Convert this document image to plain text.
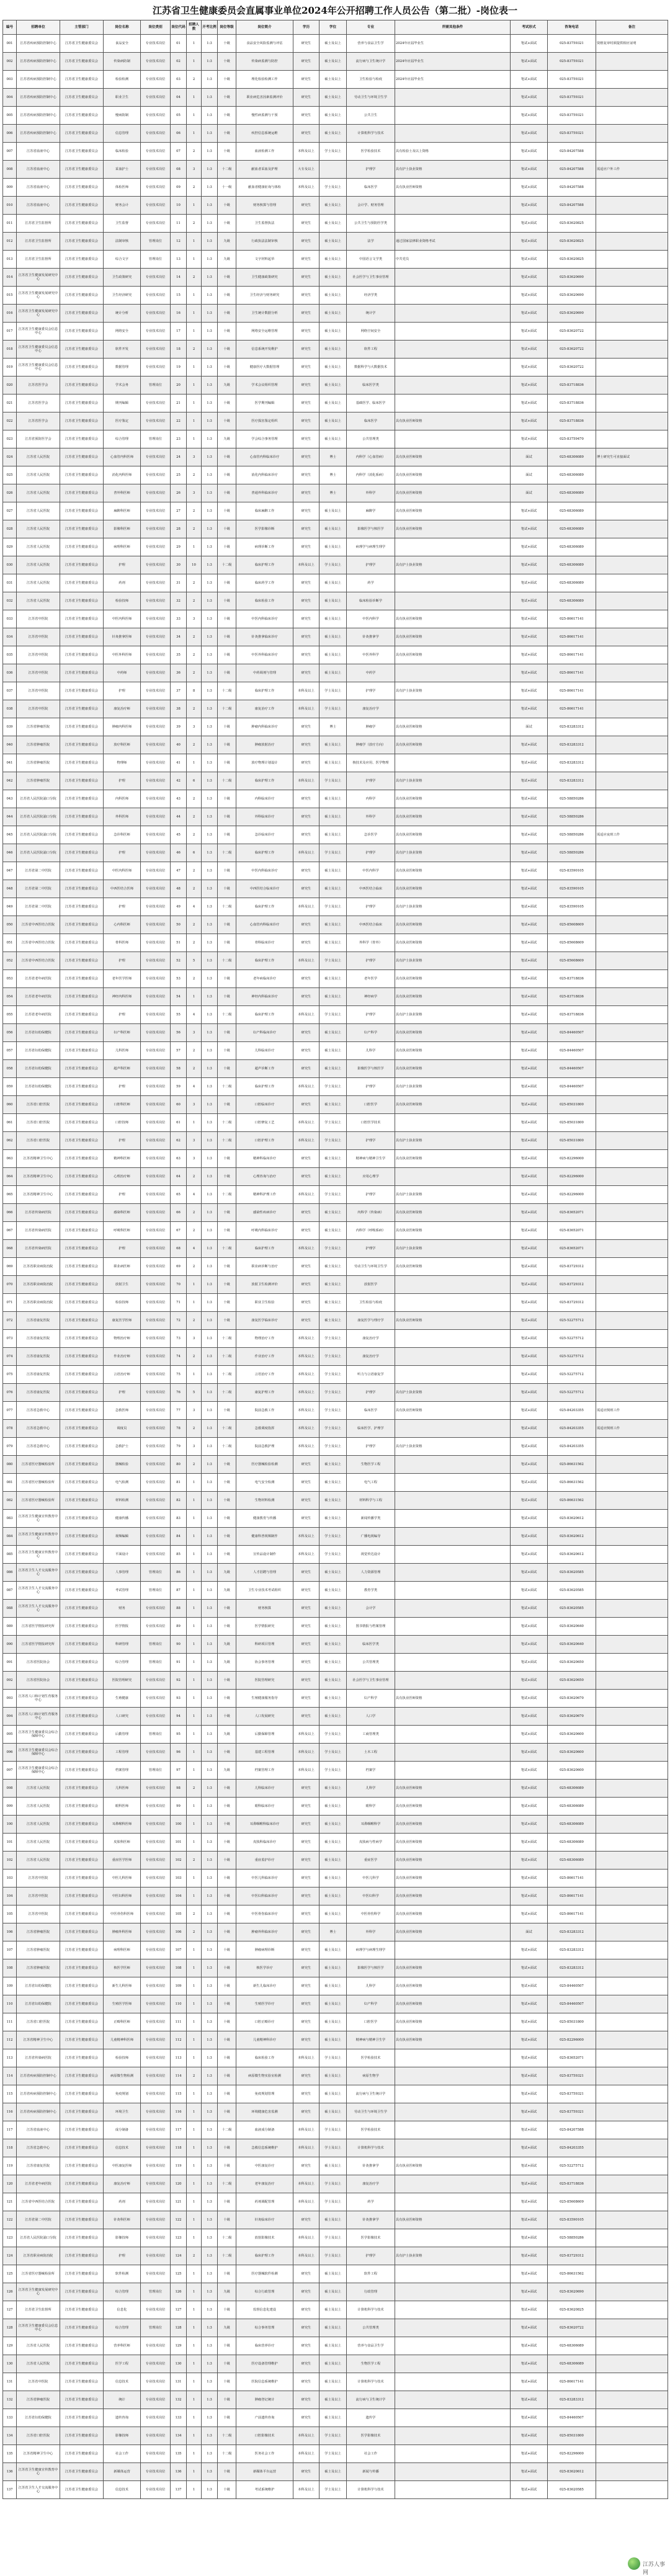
江苏省卫生健康委员会直属事业单位2024年公开招聘工作人员公告（第二批）-岗位表一
编号	招聘单位	主管部门	岗位名称	岗位类别	岗位代码	招聘人数	开考比例	岗位等级	岗位简介	学历	学位	专业	所需其他条件	考试形式	咨询电话	备注
001	江苏省疾病预防控制中心	江苏省卫生健康委员会	食品安全	专业技术岗位	01	1	1:3	十级	食品安全风险监测与评估	研究生	硕士及以上	营养与食品卫生学	2024年应届毕业生	笔试+面试	025-83759321	资格复审时须提供相应证明
002	江苏省疾病预防控制中心	江苏省卫生健康委员会	传染病防制	专业技术岗位	02	1	1:3	十级	传染病监测与防控	研究生	硕士及以上	流行病与卫生统计学	2024年应届毕业生	笔试+面试	025-83759321	
003	江苏省疾病预防控制中心	江苏省卫生健康委员会	检验检测	专业技术岗位	03	2	1:3	十级	理化检验检测工作	研究生	硕士及以上	卫生检验与检疫	2024年应届毕业生	笔试+面试	025-83759321	
004	江苏省疾病预防控制中心	江苏省卫生健康委员会	职业卫生	专业技术岗位	04	1	1:3	十级	职业病危害因素监测评价	研究生	硕士及以上	劳动卫生与环境卫生学		笔试+面试	025-83759321	
005	江苏省疾病预防控制中心	江苏省卫生健康委员会	慢病防制	专业技术岗位	05	1	1:3	十级	慢性病监测与干预	研究生	硕士及以上	公共卫生		笔试+面试	025-83759321	
006	江苏省疾病预防控制中心	江苏省卫生健康委员会	信息管理	专业技术岗位	06	1	1:3	十级	疾控信息系统运维	研究生	硕士及以上	计算机科学与技术		笔试+面试	025-83759321	
007	江苏省血液中心	江苏省卫生健康委员会	临床检验	专业技术岗位	07	2	1:3	十级	血液检测工作	本科及以上	学士及以上	医学检验技术	具有检验士及以上资格	笔试+面试	025-84207588	
008	江苏省血液中心	江苏省卫生健康委员会	采血护士	专业技术岗位	08	3	1:3	十二级	献血者采血及护理	大专及以上		护理学	具有护士执业资格	笔试+面试	025-84207588	需适应户外工作
009	江苏省血液中心	江苏省卫生健康委员会	体检医师	专业技术岗位	09	2	1:3	十一级	献血者健康征询与体检	本科及以上	学士及以上	临床医学	具有执业医师资格	笔试+面试	025-84207588	
010	江苏省血液中心	江苏省卫生健康委员会	财务会计	专业技术岗位	10	1	1:3	十级	财务核算与管理	研究生	硕士及以上	会计学、财务管理		笔试+面试	025-84207588	
011	江苏省卫生监督所	江苏省卫生健康委员会	卫生监督	专业技术岗位	11	2	1:3	十级	卫生监督执法	研究生	硕士及以上	公共卫生与预防医学类		笔试+面试	025-83620825	
012	江苏省卫生监督所	江苏省卫生健康委员会	法制审核	管理岗位	12	1	1:3	九级	行政执法法制审核	研究生	硕士及以上	法学	通过国家法律职业资格考试	笔试+面试	025-83620825	
013	江苏省卫生监督所	江苏省卫生健康委员会	综合文字	管理岗位	13	1	1:3	九级	文字材料起草	研究生	硕士及以上	中国语言文学类	中共党员	笔试+面试	025-83620825	
014	江苏省卫生健康发展研究中心	江苏省卫生健康委员会	卫生政策研究	专业技术岗位	14	2	1:3	十级	卫生健康政策研究	研究生	硕士及以上	社会医学与卫生事业管理		笔试+面试	025-83620690	
015	江苏省卫生健康发展研究中心	江苏省卫生健康委员会	卫生经济研究	专业技术岗位	15	1	1:3	十级	卫生经济与财务研究	研究生	硕士及以上	经济学类		笔试+面试	025-83620690	
016	江苏省卫生健康发展研究中心	江苏省卫生健康委员会	统计分析	专业技术岗位	16	1	1:3	十级	卫生统计数据分析	研究生	硕士及以上	统计学		笔试+面试	025-83620690	
017	江苏省卫生健康委员会信息中心	江苏省卫生健康委员会	网络安全	专业技术岗位	17	1	1:3	十级	网络安全运维管理	研究生	硕士及以上	网络空间安全		笔试+面试	025-83620722	
018	江苏省卫生健康委员会信息中心	江苏省卫生健康委员会	软件开发	专业技术岗位	18	2	1:3	十级	信息系统开发维护	研究生	硕士及以上	软件工程		笔试+面试	025-83620722	
019	江苏省卫生健康委员会信息中心	江苏省卫生健康委员会	数据管理	专业技术岗位	19	1	1:3	十级	健康医疗大数据管理	研究生	硕士及以上	数据科学与大数据技术		笔试+面试	025-83620722	
020	江苏省医学会	江苏省卫生健康委员会	学术会务	管理岗位	20	1	1:3	九级	学术会议组织管理	研究生	硕士及以上	临床医学类		笔试+面试	025-83718836	
021	江苏省医学会	江苏省卫生健康委员会	期刊编辑	专业技术岗位	21	1	1:3	十级	医学期刊编辑	研究生	硕士及以上	基础医学、临床医学		笔试+面试	025-83718836	
022	江苏省医学会	江苏省卫生健康委员会	医疗鉴定	专业技术岗位	22	1	1:3	十级	医疗损害鉴定组织	研究生	硕士及以上	临床医学	具有执业医师资格	笔试+面试	025-83718836	
023	江苏省预防医学会	江苏省卫生健康委员会	综合管理	管理岗位	23	1	1:3	九级	学会综合事务管理	研究生	硕士及以上	公共管理类		笔试+面试	025-83759470	
024	江苏省人民医院	江苏省卫生健康委员会	心血管内科医师	专业技术岗位	24	3	1:3	十级	心血管内科临床诊疗	研究生	博士	内科学（心血管病）	具有执业医师资格	面试	025-68306089	博士研究生可直接面试
025	江苏省人民医院	江苏省卫生健康委员会	消化内科医师	专业技术岗位	25	2	1:3	十级	消化内科临床诊疗	研究生	博士	内科学（消化系病）	具有执业医师资格	面试	025-68306089	
026	江苏省人民医院	江苏省卫生健康委员会	普外科医师	专业技术岗位	26	3	1:3	十级	普通外科临床诊疗	研究生	博士	外科学	具有执业医师资格	面试	025-68306089	
027	江苏省人民医院	江苏省卫生健康委员会	麻醉科医师	专业技术岗位	27	2	1:3	十级	临床麻醉工作	研究生	硕士及以上	麻醉学	具有执业医师资格	笔试+面试	025-68306089	
028	江苏省人民医院	江苏省卫生健康委员会	影像科医师	专业技术岗位	28	2	1:3	十级	医学影像诊断	研究生	硕士及以上	影像医学与核医学	具有执业医师资格	笔试+面试	025-68306089	
029	江苏省人民医院	江苏省卫生健康委员会	病理科医师	专业技术岗位	29	1	1:3	十级	病理诊断工作	研究生	硕士及以上	病理学与病理生理学		笔试+面试	025-68306089	
030	江苏省人民医院	江苏省卫生健康委员会	护理	专业技术岗位	30	10	1:3	十二级	临床护理工作	本科及以上	学士及以上	护理学	具有护士执业资格	笔试+面试	025-68306089	
031	江苏省人民医院	江苏省卫生健康委员会	药剂	专业技术岗位	31	2	1:3	十级	临床药学工作	研究生	硕士及以上	药学		笔试+面试	025-68306089	
032	江苏省人民医院	江苏省卫生健康委员会	检验技师	专业技术岗位	32	2	1:3	十级	临床检验工作	研究生	硕士及以上	临床检验诊断学		笔试+面试	025-68306089	
033	江苏省中医院	江苏省卫生健康委员会	中医内科医师	专业技术岗位	33	3	1:3	十级	中医内科临床诊疗	研究生	硕士及以上	中医内科学	具有执业医师资格	笔试+面试	025-86617141	
034	江苏省中医院	江苏省卫生健康委员会	针灸推拿医师	专业技术岗位	34	2	1:3	十级	针灸推拿临床诊疗	研究生	硕士及以上	针灸推拿学	具有执业医师资格	笔试+面试	025-86617141	
035	江苏省中医院	江苏省卫生健康委员会	中医外科医师	专业技术岗位	35	2	1:3	十级	中医外科临床诊疗	研究生	硕士及以上	中医外科学	具有执业医师资格	笔试+面试	025-86617141	
036	江苏省中医院	江苏省卫生健康委员会	中药师	专业技术岗位	36	2	1:3	十级	中药调剂与管理	研究生	硕士及以上	中药学		笔试+面试	025-86617141	
037	江苏省中医院	江苏省卫生健康委员会	护理	专业技术岗位	37	8	1:3	十二级	临床护理工作	本科及以上	学士及以上	护理学	具有护士执业资格	笔试+面试	025-86617141	
038	江苏省中医院	江苏省卫生健康委员会	康复治疗师	专业技术岗位	38	2	1:3	十二级	康复治疗工作	本科及以上	学士及以上	康复治疗学		笔试+面试	025-86617141	
039	江苏省肿瘤医院	江苏省卫生健康委员会	肿瘤内科医师	专业技术岗位	39	3	1:3	十级	肿瘤内科临床诊疗	研究生	博士	肿瘤学	具有执业医师资格	面试	025-83283312	
040	江苏省肿瘤医院	江苏省卫生健康委员会	放疗科医师	专业技术岗位	40	2	1:3	十级	肿瘤放射治疗	研究生	硕士及以上	肿瘤学（放疗方向）	具有执业医师资格	笔试+面试	025-83283312	
041	江苏省肿瘤医院	江苏省卫生健康委员会	物理师	专业技术岗位	41	1	1:3	十级	放疗物理计划设计	研究生	硕士及以上	核技术及应用、医学物理		笔试+面试	025-83283312	
042	江苏省肿瘤医院	江苏省卫生健康委员会	护理	专业技术岗位	42	6	1:3	十二级	临床护理工作	本科及以上	学士及以上	护理学	具有护士执业资格	笔试+面试	025-83283312	
043	江苏省人民医院浦口分院	江苏省卫生健康委员会	内科医师	专业技术岗位	43	2	1:3	十级	内科临床诊疗	研究生	硕士及以上	内科学	具有执业医师资格	笔试+面试	025-58850286	
044	江苏省人民医院浦口分院	江苏省卫生健康委员会	外科医师	专业技术岗位	44	2	1:3	十级	外科临床诊疗	研究生	硕士及以上	外科学	具有执业医师资格	笔试+面试	025-58850286	
045	江苏省人民医院浦口分院	江苏省卫生健康委员会	急诊科医师	专业技术岗位	45	2	1:3	十级	急诊临床诊疗	研究生	硕士及以上	急诊医学	具有执业医师资格	笔试+面试	025-58850286	需适应夜班工作
046	江苏省人民医院浦口分院	江苏省卫生健康委员会	护理	专业技术岗位	46	6	1:3	十二级	临床护理工作	本科及以上	学士及以上	护理学	具有护士执业资格	笔试+面试	025-58850286	
047	江苏省第二中医院	江苏省卫生健康委员会	中医内科医师	专业技术岗位	47	2	1:3	十级	中医内科临床诊疗	研究生	硕士及以上	中医内科学	具有执业医师资格	笔试+面试	025-83590105	
048	江苏省第二中医院	江苏省卫生健康委员会	中西医结合医师	专业技术岗位	48	2	1:3	十级	中西医结合临床诊疗	研究生	硕士及以上	中西医结合临床	具有执业医师资格	笔试+面试	025-83590105	
049	江苏省第二中医院	江苏省卫生健康委员会	护理	专业技术岗位	49	4	1:3	十二级	临床护理工作	本科及以上	学士及以上	护理学	具有护士执业资格	笔试+面试	025-83590105	
050	江苏省中西医结合医院	江苏省卫生健康委员会	心内科医师	专业技术岗位	50	2	1:3	十级	心血管内科临床诊疗	研究生	硕士及以上	中西医结合临床	具有执业医师资格	笔试+面试	025-85608609	
051	江苏省中西医结合医院	江苏省卫生健康委员会	骨科医师	专业技术岗位	51	2	1:3	十级	骨科临床诊疗	研究生	硕士及以上	外科学（骨外）	具有执业医师资格	笔试+面试	025-85608609	
052	江苏省中西医结合医院	江苏省卫生健康委员会	护理	专业技术岗位	52	5	1:3	十二级	临床护理工作	本科及以上	学士及以上	护理学	具有护士执业资格	笔试+面试	025-85608609	
053	江苏省老年病医院	江苏省卫生健康委员会	老年医学医师	专业技术岗位	53	2	1:3	十级	老年病临床诊疗	研究生	硕士及以上	老年医学	具有执业医师资格	笔试+面试	025-83718836	
054	江苏省老年病医院	江苏省卫生健康委员会	神经内科医师	专业技术岗位	54	1	1:3	十级	神经内科临床诊疗	研究生	硕士及以上	神经病学	具有执业医师资格	笔试+面试	025-83718836	
055	江苏省老年病医院	江苏省卫生健康委员会	护理	专业技术岗位	55	4	1:3	十二级	临床护理工作	本科及以上	学士及以上	护理学	具有护士执业资格	笔试+面试	025-83718836	
056	江苏省妇幼保健院	江苏省卫生健康委员会	妇产科医师	专业技术岗位	56	3	1:3	十级	妇产科临床诊疗	研究生	硕士及以上	妇产科学	具有执业医师资格	笔试+面试	025-84460507	
057	江苏省妇幼保健院	江苏省卫生健康委员会	儿科医师	专业技术岗位	57	2	1:3	十级	儿科临床诊疗	研究生	硕士及以上	儿科学	具有执业医师资格	笔试+面试	025-84460507	
058	江苏省妇幼保健院	江苏省卫生健康委员会	超声科医师	专业技术岗位	58	2	1:3	十级	超声诊断工作	研究生	硕士及以上	影像医学与核医学	具有执业医师资格	笔试+面试	025-84460507	
059	江苏省妇幼保健院	江苏省卫生健康委员会	护理	专业技术岗位	59	4	1:3	十二级	临床护理工作	本科及以上	学士及以上	护理学	具有护士执业资格	笔试+面试	025-84460507	
060	江苏省口腔医院	江苏省卫生健康委员会	口腔科医师	专业技术岗位	60	3	1:3	十级	口腔临床诊疗	研究生	硕士及以上	口腔医学	具有执业医师资格	笔试+面试	025-85031800	
061	江苏省口腔医院	江苏省卫生健康委员会	口腔技师	专业技术岗位	61	1	1:3	十二级	口腔修复工艺	本科及以上	学士及以上	口腔医学技术		笔试+面试	025-85031800	
062	江苏省口腔医院	江苏省卫生健康委员会	护理	专业技术岗位	62	3	1:3	十二级	口腔护理工作	本科及以上	学士及以上	护理学	具有护士执业资格	笔试+面试	025-85031800	
063	江苏省精神卫生中心	江苏省卫生健康委员会	精神科医师	专业技术岗位	63	3	1:3	十级	精神科临床诊疗	研究生	硕士及以上	精神病与精神卫生学	具有执业医师资格	笔试+面试	025-82296000	
064	江苏省精神卫生中心	江苏省卫生健康委员会	心理治疗师	专业技术岗位	64	2	1:3	十级	心理咨询与治疗	研究生	硕士及以上	应用心理学		笔试+面试	025-82296000	
065	江苏省精神卫生中心	江苏省卫生健康委员会	护理	专业技术岗位	65	4	1:3	十二级	精神科护理工作	本科及以上	学士及以上	护理学	具有护士执业资格	笔试+面试	025-82296000	
066	江苏省传染病医院	江苏省卫生健康委员会	感染科医师	专业技术岗位	66	2	1:3	十级	感染性疾病诊疗	研究生	硕士及以上	内科学（传染病）	具有执业医师资格	笔试+面试	025-83652071	
067	江苏省传染病医院	江苏省卫生健康委员会	呼吸科医师	专业技术岗位	67	2	1:3	十级	呼吸内科临床诊疗	研究生	硕士及以上	内科学（呼吸系病）	具有执业医师资格	笔试+面试	025-83652071	
068	江苏省传染病医院	江苏省卫生健康委员会	护理	专业技术岗位	68	4	1:3	十二级	临床护理工作	本科及以上	学士及以上	护理学	具有护士执业资格	笔试+面试	025-83652071	
069	江苏省职业病防治院	江苏省卫生健康委员会	职业病医师	专业技术岗位	69	2	1:3	十级	职业病诊断与治疗	研究生	硕士及以上	劳动卫生与环境卫生学	具有执业医师资格	笔试+面试	025-83729312	
070	江苏省职业病防治院	江苏省卫生健康委员会	放射卫生	专业技术岗位	70	1	1:3	十级	放射卫生检测评价	研究生	硕士及以上	放射医学		笔试+面试	025-83729312	
071	江苏省职业病防治院	江苏省卫生健康委员会	检验技师	专业技术岗位	71	1	1:3	十级	职业卫生检验	研究生	硕士及以上	卫生检验与检疫		笔试+面试	025-83729312	
072	江苏省康复医院	江苏省卫生健康委员会	康复医学医师	专业技术岗位	72	2	1:3	十级	康复医学临床诊疗	研究生	硕士及以上	康复医学与理疗学	具有执业医师资格	笔试+面试	025-52275712	
073	江苏省康复医院	江苏省卫生健康委员会	物理治疗师	专业技术岗位	73	3	1:3	十二级	物理治疗工作	本科及以上	学士及以上	康复治疗学		笔试+面试	025-52275712	
074	江苏省康复医院	江苏省卫生健康委员会	作业治疗师	专业技术岗位	74	2	1:3	十二级	作业治疗工作	本科及以上	学士及以上	康复治疗学		笔试+面试	025-52275712	
075	江苏省康复医院	江苏省卫生健康委员会	言语治疗师	专业技术岗位	75	1	1:3	十二级	言语治疗工作	本科及以上	学士及以上	听力与言语康复学		笔试+面试	025-52275712	
076	江苏省康复医院	江苏省卫生健康委员会	护理	专业技术岗位	76	5	1:3	十二级	康复护理工作	本科及以上	学士及以上	护理学	具有护士执业资格	笔试+面试	025-52275712	
077	江苏省急救中心	江苏省卫生健康委员会	急救医师	专业技术岗位	77	3	1:3	十级	院前急救工作	本科及以上	学士及以上	临床医学	具有执业医师资格	笔试+面试	025-84203355	需适应倒班工作
078	江苏省急救中心	江苏省卫生健康委员会	调度员	专业技术岗位	78	2	1:3	十二级	急救调度指挥	本科及以上	学士及以上	临床医学、护理学		笔试+面试	025-84203355	需适应倒班工作
079	江苏省急救中心	江苏省卫生健康委员会	急救护士	专业技术岗位	79	3	1:3	十二级	院前急救护理	本科及以上	学士及以上	护理学	具有护士执业资格	笔试+面试	025-84203355	
080	江苏省医疗器械检验所	江苏省卫生健康委员会	器械检验	专业技术岗位	80	2	1:3	十级	医疗器械检验检测	研究生	硕士及以上	生物医学工程		笔试+面试	025-86631562	
081	江苏省医疗器械检验所	江苏省卫生健康委员会	电气检测	专业技术岗位	81	1	1:3	十级	电气安全检测	研究生	硕士及以上	电气工程		笔试+面试	025-86631562	
082	江苏省医疗器械检验所	江苏省卫生健康委员会	材料检测	专业技术岗位	82	1	1:3	十级	生物材料检测	研究生	硕士及以上	材料科学与工程		笔试+面试	025-86631562	
083	江苏省卫生健康宣传教育中心	江苏省卫生健康委员会	健康传播	专业技术岗位	83	1	1:3	十级	健康教育与传播	研究生	硕士及以上	新闻传播学类		笔试+面试	025-83620612	
084	江苏省卫生健康宣传教育中心	江苏省卫生健康委员会	视频编辑	专业技术岗位	84	1	1:3	十级	健康科普视频制作	本科及以上	学士及以上	广播电视编导		笔试+面试	025-83620612	
085	江苏省卫生健康宣传教育中心	江苏省卫生健康委员会	平面设计	专业技术岗位	85	1	1:3	十级	宣传品设计制作	本科及以上	学士及以上	视觉传达设计		笔试+面试	025-83620612	
086	江苏省卫生人才交流服务中心	江苏省卫生健康委员会	人事管理	管理岗位	86	1	1:3	九级	人才招聘与管理	研究生	硕士及以上	人力资源管理		笔试+面试	025-83620585	
087	江苏省卫生人才交流服务中心	江苏省卫生健康委员会	考试管理	管理岗位	87	1	1:3	九级	卫生专业技术考试组织	研究生	硕士及以上	教育学类		笔试+面试	025-83620585	
088	江苏省卫生人才交流服务中心	江苏省卫生健康委员会	财务	专业技术岗位	88	1	1:3	十级	财务核算	研究生	硕士及以上	会计学		笔试+面试	025-83620585	
089	江苏省医学情报研究所	江苏省卫生健康委员会	医学情报	专业技术岗位	89	1	1:3	十级	医学情报研究	研究生	硕士及以上	图书情报与档案管理		笔试+面试	025-83620640	
090	江苏省医学情报研究所	江苏省卫生健康委员会	科研管理	管理岗位	90	1	1:3	九级	科研项目管理	研究生	硕士及以上	临床医学类		笔试+面试	025-83620640	
091	江苏省医院协会	江苏省卫生健康委员会	综合管理	管理岗位	91	1	1:3	九级	协会事务管理	研究生	硕士及以上	公共管理类		笔试+面试	025-83620650	
092	江苏省医院协会	江苏省卫生健康委员会	医院管理研究	专业技术岗位	92	1	1:3	十级	医院管理研究	研究生	硕士及以上	社会医学与卫生事业管理		笔试+面试	025-83620650	
093	江苏省人口和计划生育服务中心	江苏省卫生健康委员会	生殖健康	专业技术岗位	93	1	1:3	十级	生殖健康服务指导	研究生	硕士及以上	妇产科学	具有执业医师资格	笔试+面试	025-83620670	
094	江苏省人口和计划生育服务中心	江苏省卫生健康委员会	人口研究	专业技术岗位	94	1	1:3	十级	人口发展研究	研究生	硕士及以上	人口学		笔试+面试	025-83620670	
095	江苏省卫生健康委员会综合保障中心	江苏省卫生健康委员会	后勤管理	管理岗位	95	1	1:3	九级	后勤保障管理	本科及以上	学士及以上	工商管理类		笔试+面试	025-83620600	
096	江苏省卫生健康委员会综合保障中心	江苏省卫生健康委员会	工程管理	专业技术岗位	96	1	1:3	十级	基建工程管理	本科及以上	学士及以上	土木工程		笔试+面试	025-83620600	
097	江苏省卫生健康委员会综合保障中心	江苏省卫生健康委员会	档案管理	管理岗位	97	1	1:3	九级	档案管理工作	本科及以上	学士及以上	档案学		笔试+面试	025-83620600	
098	江苏省人民医院	江苏省卫生健康委员会	儿科医师	专业技术岗位	98	2	1:3	十级	儿科临床诊疗	研究生	硕士及以上	儿科学	具有执业医师资格	笔试+面试	025-68306089	
099	江苏省人民医院	江苏省卫生健康委员会	眼科医师	专业技术岗位	99	1	1:3	十级	眼科临床诊疗	研究生	硕士及以上	眼科学	具有执业医师资格	笔试+面试	025-68306089	
100	江苏省人民医院	江苏省卫生健康委员会	耳鼻喉科医师	专业技术岗位	100	1	1:3	十级	耳鼻咽喉科临床诊疗	研究生	硕士及以上	耳鼻咽喉科学	具有执业医师资格	笔试+面试	025-68306089	
101	江苏省人民医院	江苏省卫生健康委员会	皮肤科医师	专业技术岗位	101	1	1:3	十级	皮肤科临床诊疗	研究生	硕士及以上	皮肤病与性病学	具有执业医师资格	笔试+面试	025-68306089	
102	江苏省人民医院	江苏省卫生健康委员会	重症医学医师	专业技术岗位	102	2	1:3	十级	重症监护诊疗	研究生	硕士及以上	重症医学	具有执业医师资格	笔试+面试	025-68306089	
103	江苏省中医院	江苏省卫生健康委员会	中医儿科医师	专业技术岗位	103	1	1:3	十级	中医儿科临床诊疗	研究生	硕士及以上	中医儿科学	具有执业医师资格	笔试+面试	025-86617141	
104	江苏省中医院	江苏省卫生健康委员会	中医妇科医师	专业技术岗位	104	1	1:3	十级	中医妇科临床诊疗	研究生	硕士及以上	中医妇科学	具有执业医师资格	笔试+面试	025-86617141	
105	江苏省中医院	江苏省卫生健康委员会	中医骨伤科医师	专业技术岗位	105	2	1:3	十级	中医骨伤临床诊疗	研究生	硕士及以上	中医骨伤科学	具有执业医师资格	笔试+面试	025-86617141	
106	江苏省肿瘤医院	江苏省卫生健康委员会	肿瘤外科医师	专业技术岗位	106	2	1:3	十级	肿瘤外科临床诊疗	研究生	博士	外科学	具有执业医师资格	面试	025-83283312	
107	江苏省肿瘤医院	江苏省卫生健康委员会	病理科医师	专业技术岗位	107	1	1:3	十级	肿瘤病理诊断	研究生	硕士及以上	病理学与病理生理学		笔试+面试	025-83283312	
108	江苏省肿瘤医院	江苏省卫生健康委员会	核医学医师	专业技术岗位	108	1	1:3	十级	核医学诊疗	研究生	硕士及以上	影像医学与核医学	具有执业医师资格	笔试+面试	025-83283312	
109	江苏省妇幼保健院	江苏省卫生健康委员会	新生儿科医师	专业技术岗位	109	1	1:3	十级	新生儿临床诊疗	研究生	硕士及以上	儿科学	具有执业医师资格	笔试+面试	025-84460507	
110	江苏省妇幼保健院	江苏省卫生健康委员会	生殖医学医师	专业技术岗位	110	1	1:3	十级	生殖医学诊疗	研究生	硕士及以上	妇产科学	具有执业医师资格	笔试+面试	025-84460507	
111	江苏省口腔医院	江苏省卫生健康委员会	正畸科医师	专业技术岗位	111	1	1:3	十级	口腔正畸诊疗	研究生	硕士及以上	口腔医学	具有执业医师资格	笔试+面试	025-85031800	
112	江苏省精神卫生中心	江苏省卫生健康委员会	儿童精神科医师	专业技术岗位	112	1	1:3	十级	儿童精神科诊疗	研究生	硕士及以上	精神病与精神卫生学	具有执业医师资格	笔试+面试	025-82296000	
113	江苏省传染病医院	江苏省卫生健康委员会	检验技师	专业技术岗位	113	1	1:3	十级	临床检验工作	本科及以上	学士及以上	医学检验技术		笔试+面试	025-83652071	
114	江苏省疾病预防控制中心	江苏省卫生健康委员会	病原微生物检测	专业技术岗位	114	2	1:3	十级	病原微生物实验室检测	研究生	硕士及以上	病原生物学		笔试+面试	025-83759321	
115	江苏省疾病预防控制中心	江苏省卫生健康委员会	免疫规划	专业技术岗位	115	1	1:3	十级	免疫规划管理	研究生	硕士及以上	流行病与卫生统计学		笔试+面试	025-83759321	
116	江苏省疾病预防控制中心	江苏省卫生健康委员会	环境卫生	专业技术岗位	116	1	1:3	十级	环境健康危害监测	研究生	硕士及以上	劳动卫生与环境卫生学		笔试+面试	025-83759321	
117	江苏省血液中心	江苏省卫生健康委员会	成分制备	专业技术岗位	117	1	1:3	十二级	血液成分制备	本科及以上	学士及以上	医学检验技术		笔试+面试	025-84207588	
118	江苏省急救中心	江苏省卫生健康委员会	信息技术	专业技术岗位	118	1	1:3	十级	急救信息系统维护	本科及以上	学士及以上	计算机科学与技术		笔试+面试	025-84203355	
119	江苏省康复医院	江苏省卫生健康委员会	中医康复医师	专业技术岗位	119	1	1:3	十级	中医康复诊疗	研究生	硕士及以上	针灸推拿学	具有执业医师资格	笔试+面试	025-52275712	
120	江苏省老年病医院	江苏省卫生健康委员会	康复治疗师	专业技术岗位	120	1	1:3	十二级	老年康复治疗	本科及以上	学士及以上	康复治疗学		笔试+面试	025-83718836	
121	江苏省中西医结合医院	江苏省卫生健康委员会	药剂	专业技术岗位	121	1	1:3	十级	药剂调配管理	本科及以上	学士及以上	药学		笔试+面试	025-85608609	
122	江苏省第二中医院	江苏省卫生健康委员会	针灸科医师	专业技术岗位	122	1	1:3	十级	针灸临床诊疗	研究生	硕士及以上	针灸推拿学	具有执业医师资格	笔试+面试	025-83590105	
123	江苏省人民医院浦口分院	江苏省卫生健康委员会	影像技师	专业技术岗位	123	1	1:3	十二级	放射影像技术	本科及以上	学士及以上	医学影像技术		笔试+面试	025-58850286	
124	江苏省职业病防治院	江苏省卫生健康委员会	护理	专业技术岗位	124	2	1:3	十二级	临床护理工作	本科及以上	学士及以上	护理学	具有护士执业资格	笔试+面试	025-83729312	
125	江苏省医疗器械检验所	江苏省卫生健康委员会	软件检测	专业技术岗位	125	1	1:3	十级	医疗器械软件检测	研究生	硕士及以上	软件工程		笔试+面试	025-86631562	
126	江苏省卫生健康发展研究中心	江苏省卫生健康委员会	综合管理	管理岗位	126	1	1:3	九级	综合行政管理	研究生	硕士及以上	行政管理		笔试+面试	025-83620690	
127	江苏省卫生监督所	江苏省卫生健康委员会	信息化	专业技术岗位	127	1	1:3	十级	监督信息化建设	研究生	硕士及以上	计算机科学与技术		笔试+面试	025-83620825	
128	江苏省卫生健康委员会信息中心	江苏省卫生健康委员会	综合管理	管理岗位	128	1	1:3	九级	综合事务管理	研究生	硕士及以上	公共管理类		笔试+面试	025-83620722	
129	江苏省人民医院	江苏省卫生健康委员会	营养科医师	专业技术岗位	129	1	1:3	十级	临床营养诊疗	研究生	硕士及以上	营养与食品卫生学		笔试+面试	025-68306089	
130	江苏省人民医院	江苏省卫生健康委员会	医学工程	专业技术岗位	130	1	1:3	十级	医疗设备管理维护	研究生	硕士及以上	生物医学工程		笔试+面试	025-68306089	
131	江苏省中医院	江苏省卫生健康委员会	信息技术	专业技术岗位	131	1	1:3	十级	医院信息系统维护	研究生	硕士及以上	计算机科学与技术		笔试+面试	025-86617141	
132	江苏省肿瘤医院	江苏省卫生健康委员会	统计	专业技术岗位	132	1	1:3	十级	肿瘤登记统计	研究生	硕士及以上	流行病与卫生统计学		笔试+面试	025-83283312	
133	江苏省妇幼保健院	江苏省卫生健康委员会	遗传咨询	专业技术岗位	133	1	1:3	十级	产前遗传咨询	研究生	硕士及以上	遗传学		笔试+面试	025-84460507	
134	江苏省口腔医院	江苏省卫生健康委员会	影像技师	专业技术岗位	134	1	1:3	十二级	口腔影像技术	本科及以上	学士及以上	医学影像技术		笔试+面试	025-85031800	
135	江苏省精神卫生中心	江苏省卫生健康委员会	社会工作	专业技术岗位	135	1	1:3	十二级	医务社会工作	本科及以上	学士及以上	社会工作		笔试+面试	025-82296000	
136	江苏省卫生健康宣传教育中心	江苏省卫生健康委员会	新媒体运营	专业技术岗位	136	1	1:3	十级	新媒体平台运营	研究生	硕士及以上	新闻与传播		笔试+面试	025-83620612	
137	江苏省卫生人才交流服务中心	江苏省卫生健康委员会	信息技术	专业技术岗位	137	1	1:3	十级	考试系统维护	本科及以上	学士及以上	计算机科学与技术		笔试+面试	025-83620585	
江苏人事网
